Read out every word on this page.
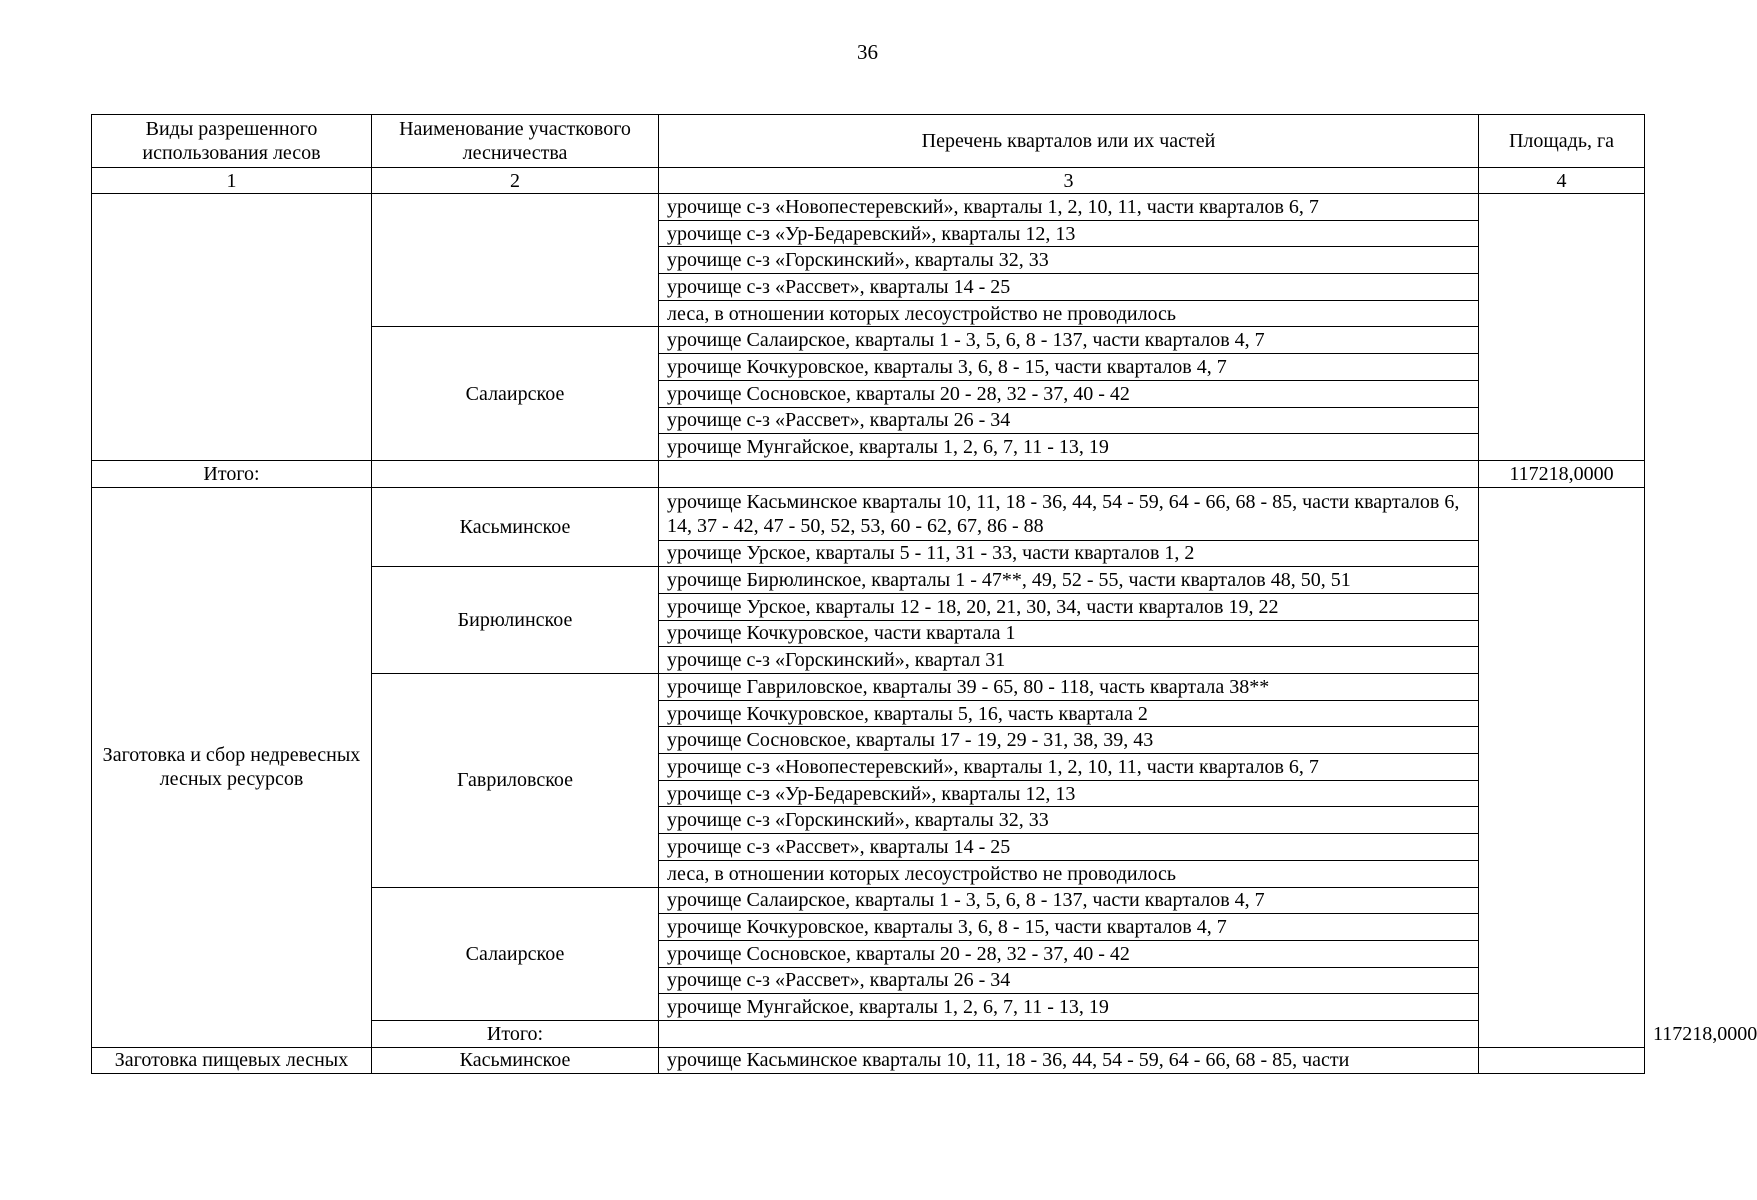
36
Виды разрешенного использования лесов	Наименование участкового лесничества	Перечень кварталов или их частей	Площадь, га	
1	2	3	4	
		урочище с-з «Новопестеревский», кварталы 1, 2, 10, 11, части кварталов 6, 7		
		урочище с-з «Ур-Бедаревский», кварталы 12, 13		
		урочище с-з «Горскинский», кварталы 32, 33		
		урочище с-з «Рассвет», кварталы 14 - 25		
		леса, в отношении которых лесоустройство не проводилось		
	Салаирское	урочище Салаирское, кварталы 1 - 3, 5, 6, 8 - 137, части кварталов 4, 7		
		урочище Кочкуровское, кварталы 3, 6, 8 - 15, части кварталов 4, 7		
		урочище Сосновское, кварталы 20 - 28, 32 - 37, 40 - 42		
		урочище с-з «Рассвет», кварталы 26 - 34		
		урочище Мунгайское, кварталы 1, 2, 6, 7, 11 - 13, 19		
Итого:			117218,0000	
Заготовка и сбор недревесных лесных ресурсов	Касьминское	урочище Касьминское кварталы 10, 11, 18 - 36, 44, 54 - 59, 64 - 66, 68 - 85, части кварталов 6, 14, 37 - 42, 47 - 50, 52, 53, 60 - 62, 67, 86 - 88		
		урочище Урское, кварталы 5 - 11, 31 - 33, части кварталов 1, 2		
	Бирюлинское	урочище Бирюлинское, кварталы 1 - 47**, 49, 52 - 55, части кварталов 48, 50, 51		
		урочище Урское, кварталы 12 - 18, 20, 21, 30, 34, части кварталов 19, 22		
		урочище Кочкуровское, части квартала 1		
		урочище с-з «Горскинский», квартал 31		
	Гавриловское	урочище Гавриловское, кварталы 39 - 65, 80 - 118, часть квартала 38**		
		урочище Кочкуровское, кварталы 5, 16, часть квартала 2		
		урочище Сосновское, кварталы 17 - 19, 29 - 31, 38, 39, 43		
		урочище с-з «Новопестеревский», кварталы 1, 2, 10, 11, части кварталов 6, 7		
		урочище с-з «Ур-Бедаревский», кварталы 12, 13		
		урочище с-з «Горскинский», кварталы 32, 33		
		урочище с-з «Рассвет», кварталы 14 - 25		
		леса, в отношении которых лесоустройство не проводилось		
	Салаирское	урочище Салаирское, кварталы 1 - 3, 5, 6, 8 - 137, части кварталов 4, 7		
		урочище Кочкуровское, кварталы 3, 6, 8 - 15, части кварталов 4, 7		
		урочище Сосновское, кварталы 20 - 28, 32 - 37, 40 - 42		
		урочище с-з «Рассвет», кварталы 26 - 34		
		урочище Мунгайское, кварталы 1, 2, 6, 7, 11 - 13, 19		
	Итого:			117218,0000
Заготовка пищевых лесных	Касьминское	урочище Касьминское кварталы 10, 11, 18 - 36, 44, 54 - 59, 64 - 66, 68 - 85, части		
